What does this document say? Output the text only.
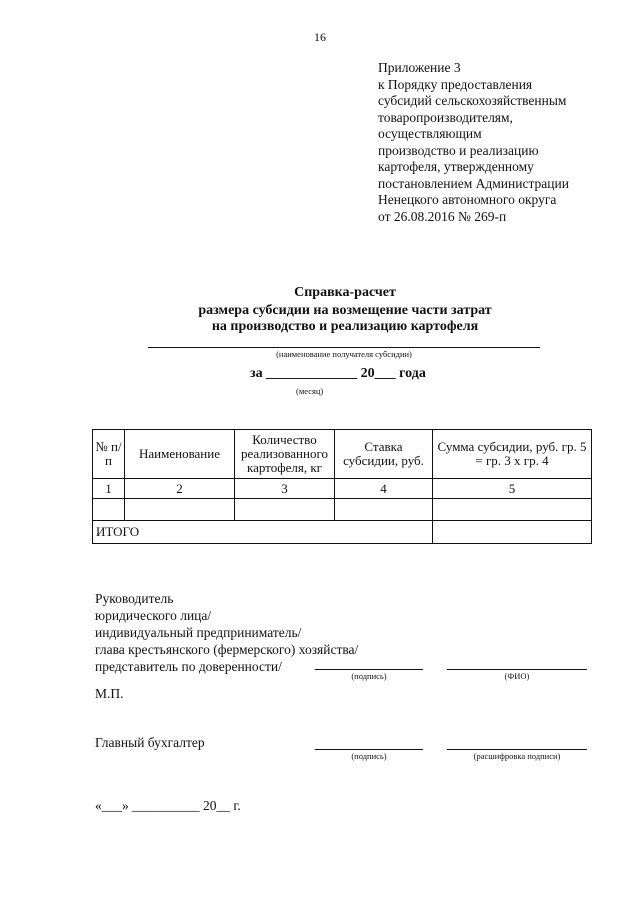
16
Приложение 3
к Порядку предоставления
субсидий сельскохозяйственным
товаропроизводителям,
осуществляющим
производство и реализацию
картофеля, утвержденному
постановлением Администрации
Ненецкого автономного округа
от 26.08.2016 № 269-п
Справка-расчет
размера субсидии на возмещение части затрат
на производство и реализацию картофеля
(наименование получателя субсидии)
за _____________ 20___ года
(месяц)
№ п/п	Наименование	Количество реализованного картофеля, кг	Ставка субсидии, руб.	Сумма субсидии, руб. гр. 5 = гр. 3 x гр. 4
1	2	3	4	5

ИТОГО				
Руководитель
юридического лица/
индивидуальный предприниматель/
глава крестьянского (фермерского) хозяйства/
представитель по доверенности/
(подпись)	(ФИО)
М.П.
Главный бухгалтер
(подпись)	(расшифровка подписи)
«___» __________ 20__ г.
